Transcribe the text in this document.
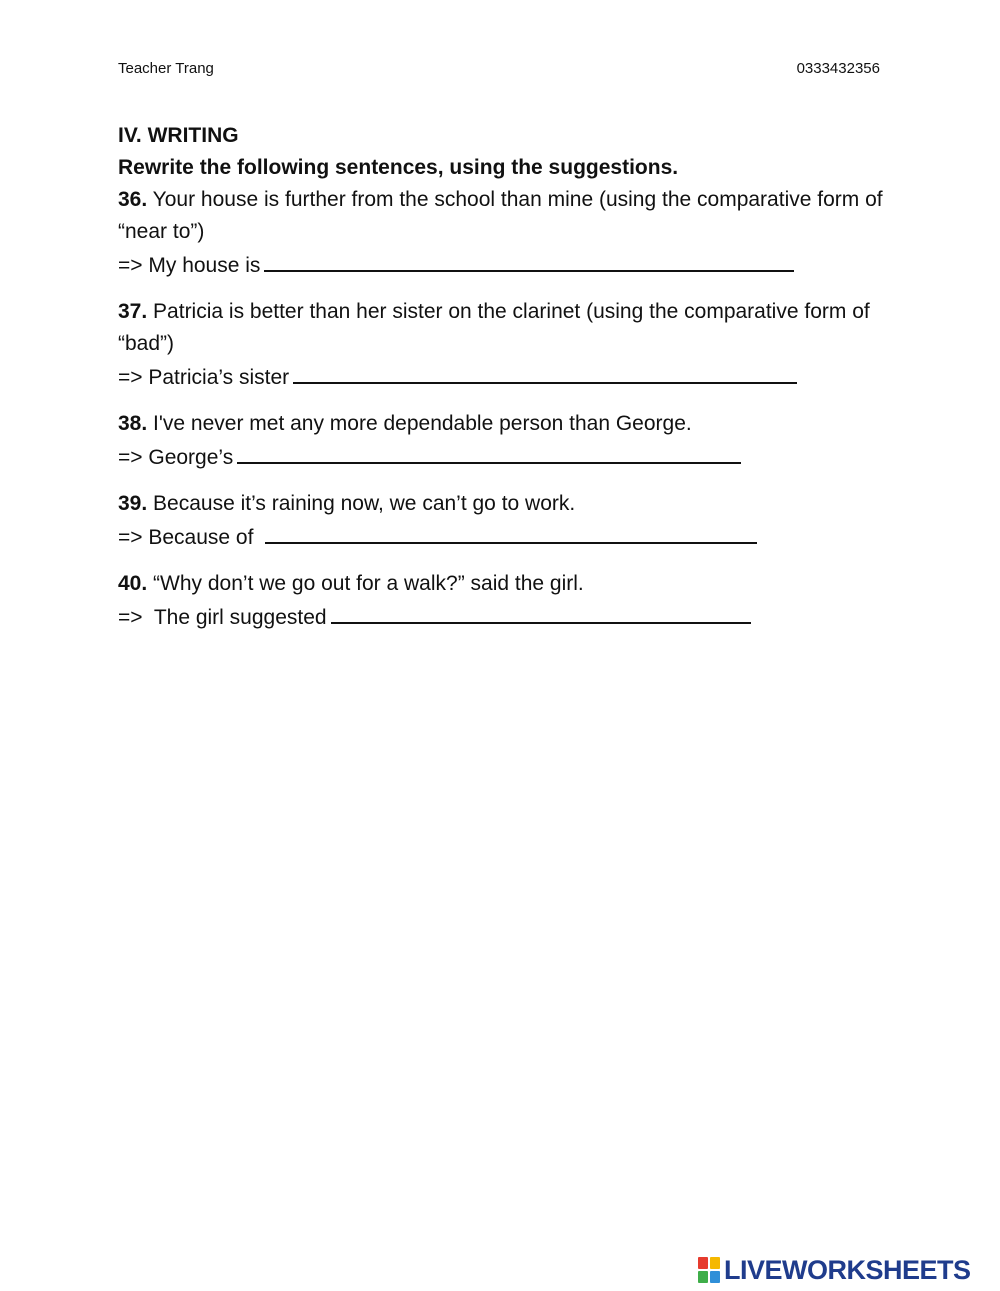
Teacher Trang	0333432356
IV. WRITING
Rewrite the following sentences, using the suggestions.
36. Your house is further from the school than mine (using the comparative form of “near to”)
=> My house is
37. Patricia is better than her sister on the clarinet (using the comparative form of “bad”)
=> Patricia’s sister
38. I've never met any more dependable person than George.
=> George’s
39. Because it’s raining now, we can’t go to work.
=> Because of
40. “Why don’t we go out for a walk?” said the girl.
=>  The girl suggested
LIVEWORKSHEETS
